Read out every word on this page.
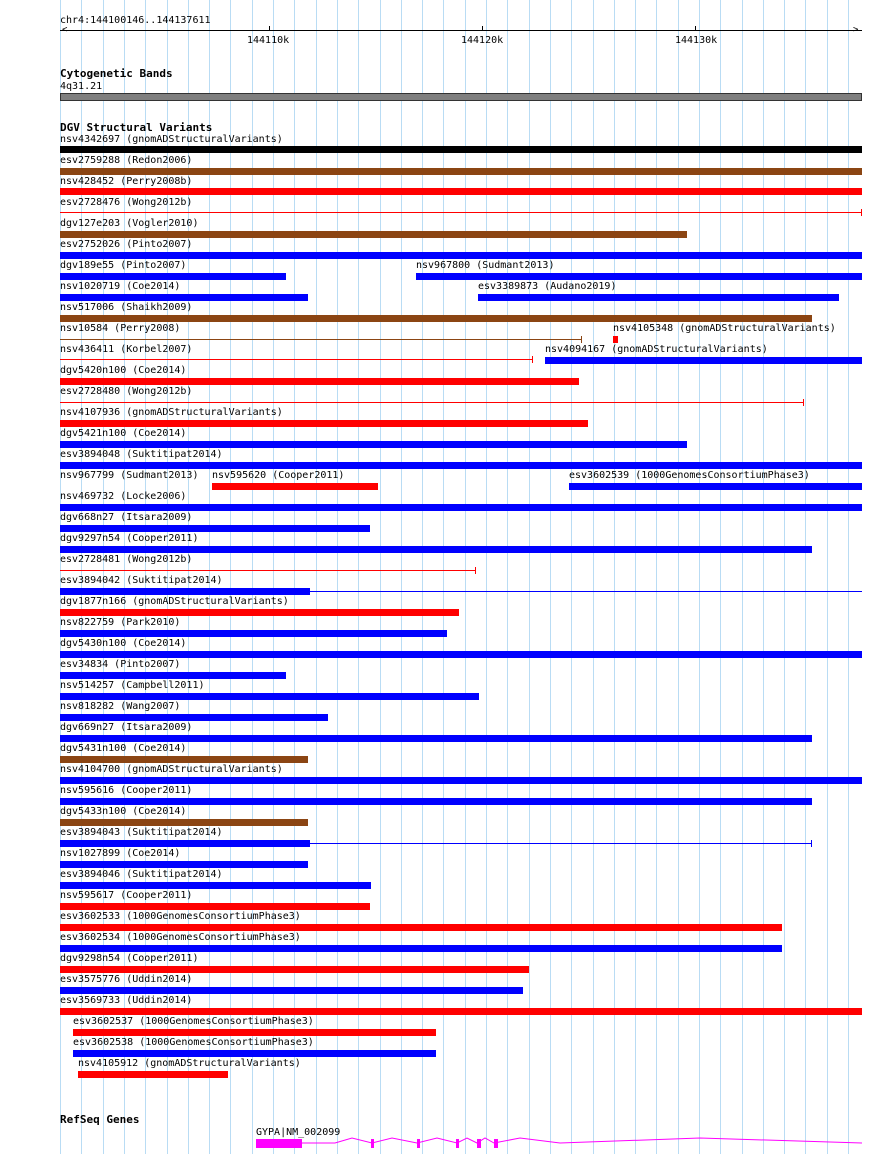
chr4:144100146..144137611
<	>
144110k	144120k	144130k
Cytogenetic Bands
4q31.21
DGV Structural Variants
nsv4342697 (gnomADStructuralVariants)
esv2759288 (Redon2006)
nsv428452 (Perry2008b)
esv2728476 (Wong2012b)
dgv127e203 (Vogler2010)
esv2752026 (Pinto2007)
dgv189e55 (Pinto2007)	nsv967800 (Sudmant2013)
nsv1020719 (Coe2014)	esv3389873 (Audano2019)
nsv517006 (Shaikh2009)
nsv10584 (Perry2008)	nsv4105348 (gnomADStructuralVariants)
nsv436411 (Korbel2007)	nsv4094167 (gnomADStructuralVariants)
dgv5420n100 (Coe2014)
esv2728480 (Wong2012b)
nsv4107936 (gnomADStructuralVariants)
dgv5421n100 (Coe2014)
esv3894048 (Suktitipat2014)
nsv967799 (Sudmant2013) nsv595620 (Cooper2011)	esv3602539 (1000GenomesConsortiumPhase3)
nsv469732 (Locke2006)
dgv668n27 (Itsara2009)
dgv9297n54 (Cooper2011)
esv2728481 (Wong2012b)
esv3894042 (Suktitipat2014)
dgv1877n166 (gnomADStructuralVariants)
nsv822759 (Park2010)
dgv5430n100 (Coe2014)
esv34834 (Pinto2007)
nsv514257 (Campbell2011)
nsv818282 (Wang2007)
dgv669n27 (Itsara2009)
dgv5431n100 (Coe2014)
nsv4104700 (gnomADStructuralVariants)
nsv595616 (Cooper2011)
dgv5433n100 (Coe2014)
esv3894043 (Suktitipat2014)
nsv1027899 (Coe2014)
esv3894046 (Suktitipat2014)
nsv595617 (Cooper2011)
esv3602533 (1000GenomesConsortiumPhase3)
esv3602534 (1000GenomesConsortiumPhase3)
dgv9298n54 (Cooper2011)
esv3575776 (Uddin2014)
esv3569733 (Uddin2014)
esv3602537 (1000GenomesConsortiumPhase3)
esv3602538 (1000GenomesConsortiumPhase3)
nsv4105912 (gnomADStructuralVariants)
RefSeq Genes
GYPA|NM_002099
